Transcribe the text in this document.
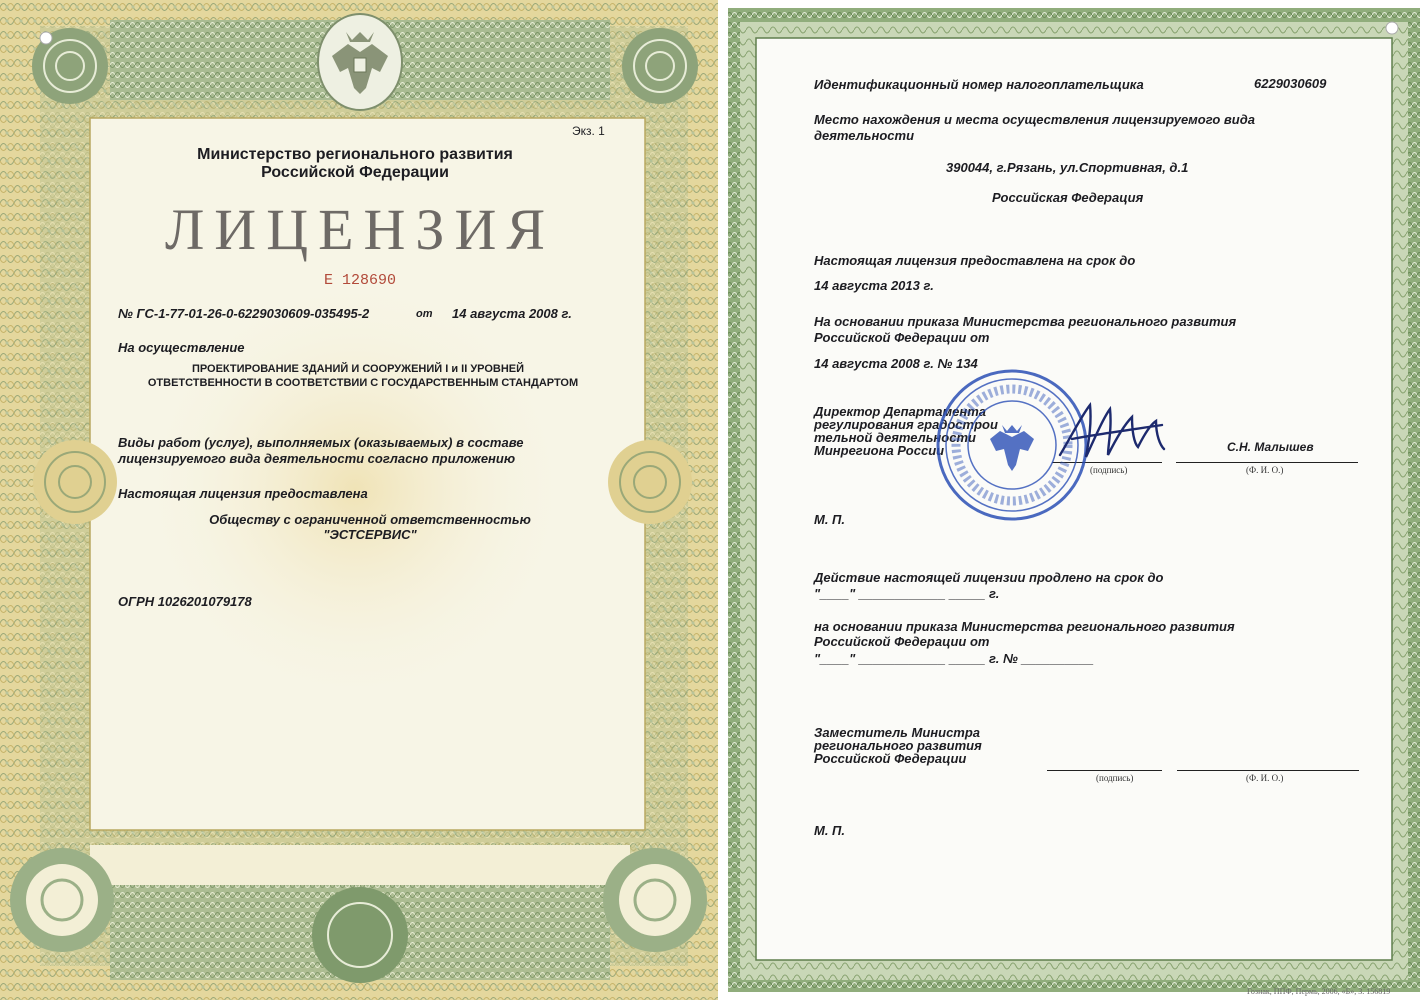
Экз. 1
Министерство регионального развития
Российской Федерации
ЛИЦЕНЗИЯ
Е 128690
№ ГС-1-77-01-26-0-6229030609-035495-2	от 14 августа 2008 г.
На осуществление
ПРОЕКТИРОВАНИЕ ЗДАНИЙ И СООРУЖЕНИЙ I и II УРОВНЕЙ
ОТВЕТСТВЕННОСТИ В СООТВЕТСТВИИ С ГОСУДАРСТВЕННЫМ СТАНДАРТОМ
Виды работ (услуг), выполняемых (оказываемых) в составе
лицензируемого вида деятельности согласно приложению
Настоящая лицензия предоставлена
Обществу с ограниченной ответственностью
"ЭСТСЕРВИС"
ОГРН 1026201079178
Идентификационный номер налогоплательщика	6229030609
Место нахождения и места осуществления лицензируемого вида
деятельности
390044, г.Рязань, ул.Спортивная, д.1
Российская Федерация
Настоящая лицензия предоставлена на срок до
14 августа 2013 г.
На основании приказа Министерства регионального развития
Российской Федерации от
14 августа 2008 г. № 134
Директор Департамента
регулирования градострои
тельной деятельности
Минрегиона России
(подпись)
С.Н. Малышев
(Ф. И. О.)
М. П.
Действие настоящей лицензии продлено на срок до
"____" ____________ _____ г.
на основании приказа Министерства регионального развития
Российской Федерации от
"____" ____________ _____ г. № __________
Заместитель Министра
регионального развития
Российской Федерации
(подпись)	(Ф. И. О.)
М. П.
Гознак, ППФ, Пермь, 2006, «Б», З. 156819
